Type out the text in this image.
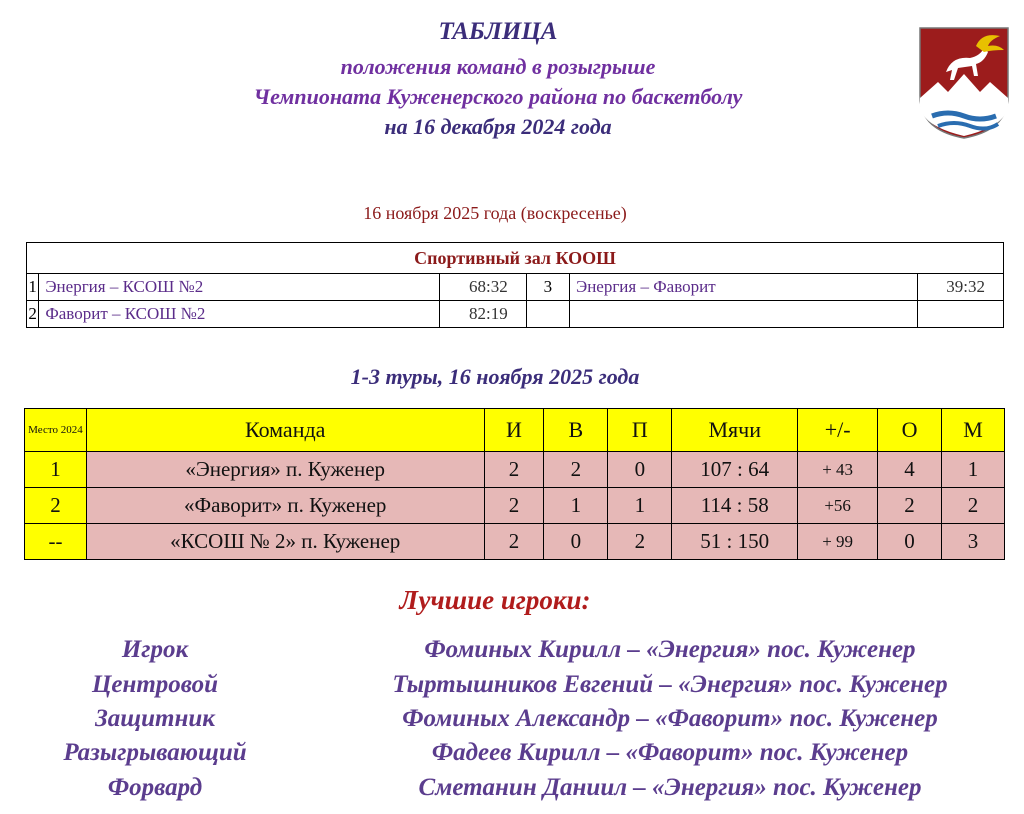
ТАБЛИЦА
положения команд в розыгрыше
Чемпионата Куженерского района по баскетболу
на 16 декабря 2024 года
16 ноября 2025 года (воскресенье)
Спортивный зал КООШ					
1	Энергия – КСОШ №2	68:32	3	Энергия – Фаворит	39:32
2	Фаворит – КСОШ №2	82:19			
1-3 туры, 16 ноября 2025 года
Место 2024	Команда	И	В	П	Мячи	+/-	О	М
1	«Энергия» п. Куженер	2	2	0	107 : 64	+ 43	4	1
2	«Фаворит» п. Куженер	2	1	1	114 : 58	+56	2	2
--	«КСОШ № 2» п. Куженер	2	0	2	51 : 150	+ 99	0	3
Лучшие игроки:
Игрок	Фоминых Кирилл – «Энергия» пос. Куженер
Центровой	Тыртышников Евгений – «Энергия» пос. Куженер
Защитник	Фоминых Александр – «Фаворит» пос. Куженер
Разыгрывающий	Фадеев Кирилл – «Фаворит» пос. Куженер
Форвард	Сметанин Даниил – «Энергия» пос. Куженер
